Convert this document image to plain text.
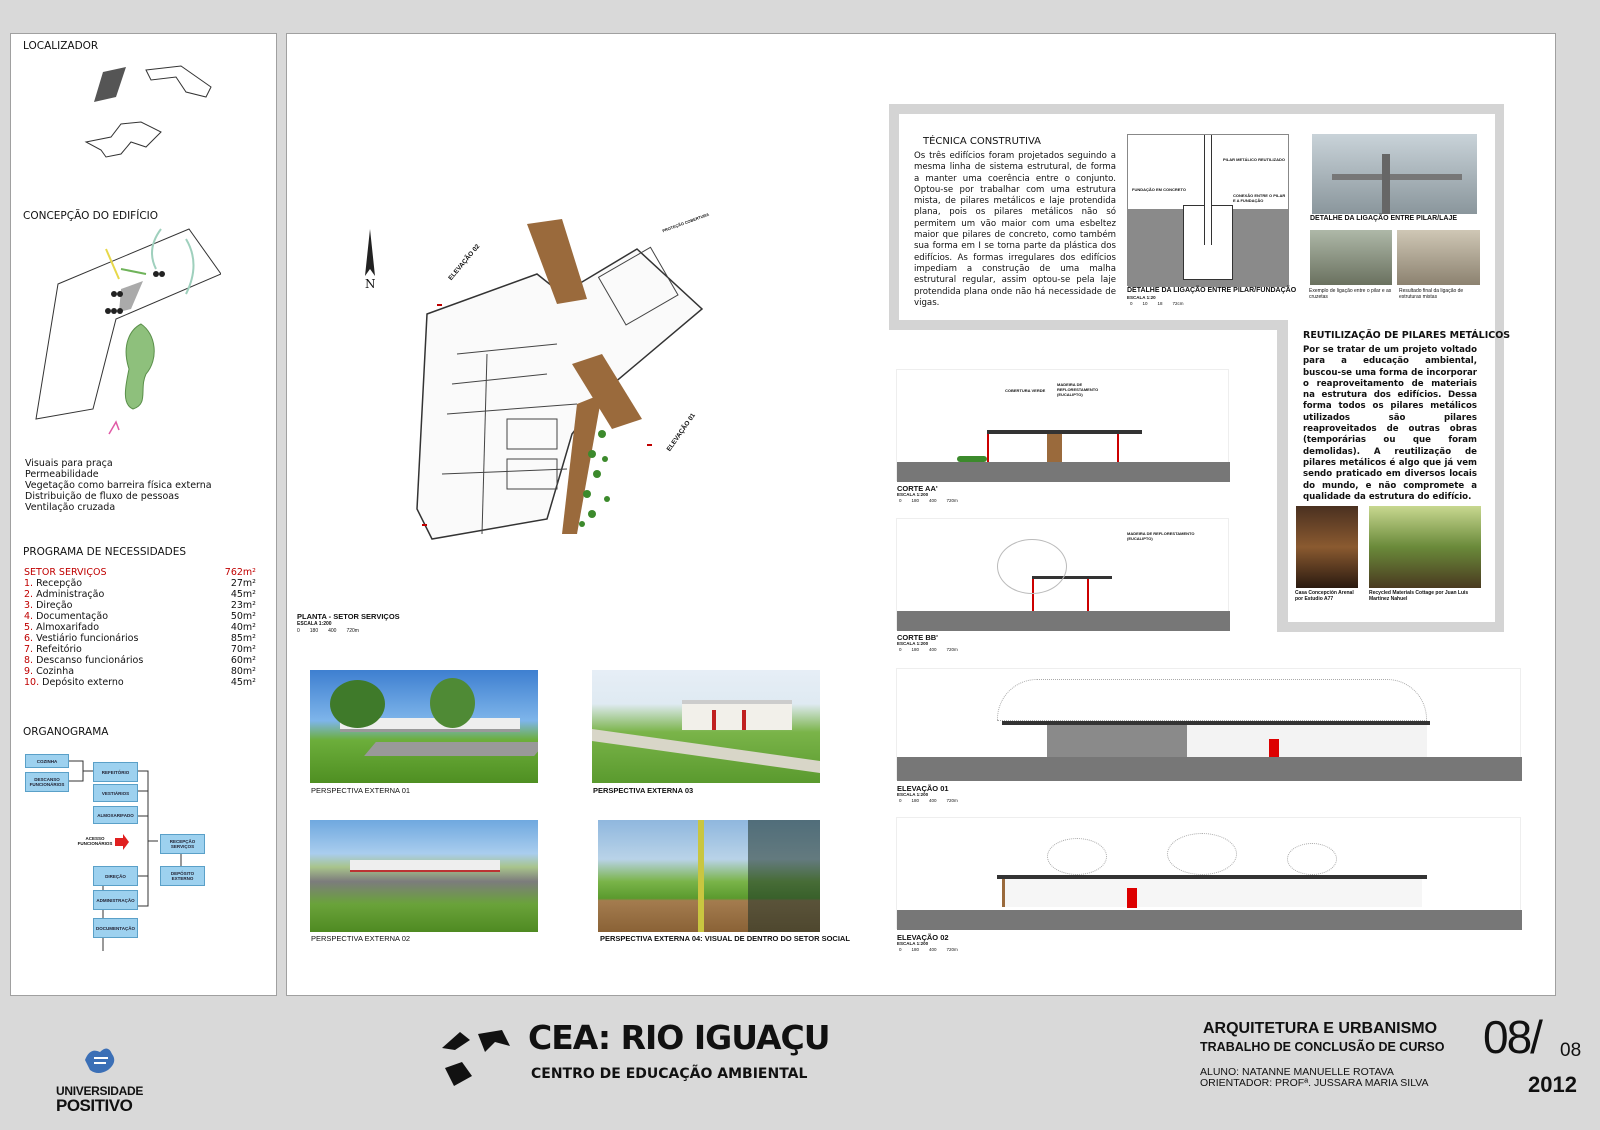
LOCALIZADOR
CONCEPÇÃO DO EDIFÍCIO
Visuais para praça
Permeabilidade
Vegetação como barreira física externa
Distribuição de fluxo de pessoas
Ventilação cruzada
PROGRAMA DE NECESSIDADES
SETOR SERVIÇOS	762m²
1. Recepção	27m²
2. Administração	45m²
3. Direção	23m²
4. Documentação	50m²
5. Almoxarifado	40m²
6. Vestiário funcionários	85m²
7. Refeitório	70m²
8. Descanso funcionários	60m²
9. Cozinha	80m²
10. Depósito externo	45m²
ORGANOGRAMA
COZINHA
DESCANSO FUNCIONÁRIOS
REFEITÓRIO
VESTIÁRIOS
ALMOXARIFADO
ACESSO FUNCIONÁRIOS	RECEPÇÃO SERVIÇOS
DEPÓSITO EXTERNO
DIREÇÃO
ADMINISTRAÇÃO
DOCUMENTAÇÃO
N
ELEVAÇÃO 02
ELEVAÇÃO 01
PROTEÇÃO COBERTURA
PLANTA - SETOR SERVIÇOS
ESCALA 1:200
0 180 400 720m
PERSPECTIVA EXTERNA 01	PERSPECTIVA EXTERNA 03
PERSPECTIVA EXTERNA 02	PERSPECTIVA EXTERNA 04: VISUAL DE DENTRO DO SETOR SOCIAL
TÉCNICA CONSTRUTIVA
Os três edifícios foram projetados seguindo a mesma linha de sistema estrutural, de forma a manter uma coerência entre o conjunto. Optou-se por trabalhar com uma estrutura mista, de pilares metálicos e laje protendida plana, pois os pilares metálicos não só permitem um vão maior com uma esbeltez maior que pilares de concreto, como também sua forma em I se torna parte da plástica dos edifícios. As formas irregulares dos edifícios impediam a construção de uma malha estrutural regular, assim optou-se pela laje protendida plana onde não há necessidade de vigas.
PILAR METÁLICO REUTILIZADO
FUNDAÇÃO EM CONCRETO
CONEXÃO ENTRE O PILAR E A FUNDAÇÃO
DETALHE DA LIGAÇÃO ENTRE PILAR/FUNDAÇÃO
ESCALA 1:20
0 10 18 72cm
DETALHE DA LIGAÇÃO ENTRE PILAR/LAJE
Exemplo de ligação entre o pilar e as cruzetas
Resultado final da ligação de estruturas mistas
REUTILIZAÇÃO DE PILARES METÁLICOS
Por se tratar de um projeto voltado para a educação ambiental, buscou-se uma forma de incorporar o reaproveitamento de materiais na estrutura dos edifícios. Dessa forma todos os pilares metálicos utilizados são pilares reaproveitados de outras obras (temporárias ou que foram demolidas). A reutilização de pilares metálicos é algo que já vem sendo praticado em diversos locais do mundo, e não compromete a qualidade da estrutura do edifício.
Casa Concepción Arenal por Estudio A77
Recycled Materials Cottage por Juan Luis Martínez Nahuel
COBERTURA VERDE
MADEIRA DE REFLORESTAMENTO (EUCALIPTO)
CORTE AA'
ESCALA 1:200
0 180 400 720m
MADEIRA DE REFLORESTAMENTO (EUCALIPTO)
CORTE BB'
ESCALA 1:200
0 180 400 720m
ELEVAÇÃO 01
ESCALA 1:200
0 180 400 720m
ELEVAÇÃO 02
ESCALA 1:200
0 180 400 720m
UNIVERSIDADE
POSITIVO
CEA: RIO IGUAÇU
CENTRO DE EDUCAÇÃO AMBIENTAL
ARQUITETURA E URBANISMO
TRABALHO DE CONCLUSÃO DE CURSO
ALUNO: NATANNE MANUELLE ROTAVA
ORIENTADOR: PROFª. JUSSARA MARIA SILVA
08/ 08
2012
